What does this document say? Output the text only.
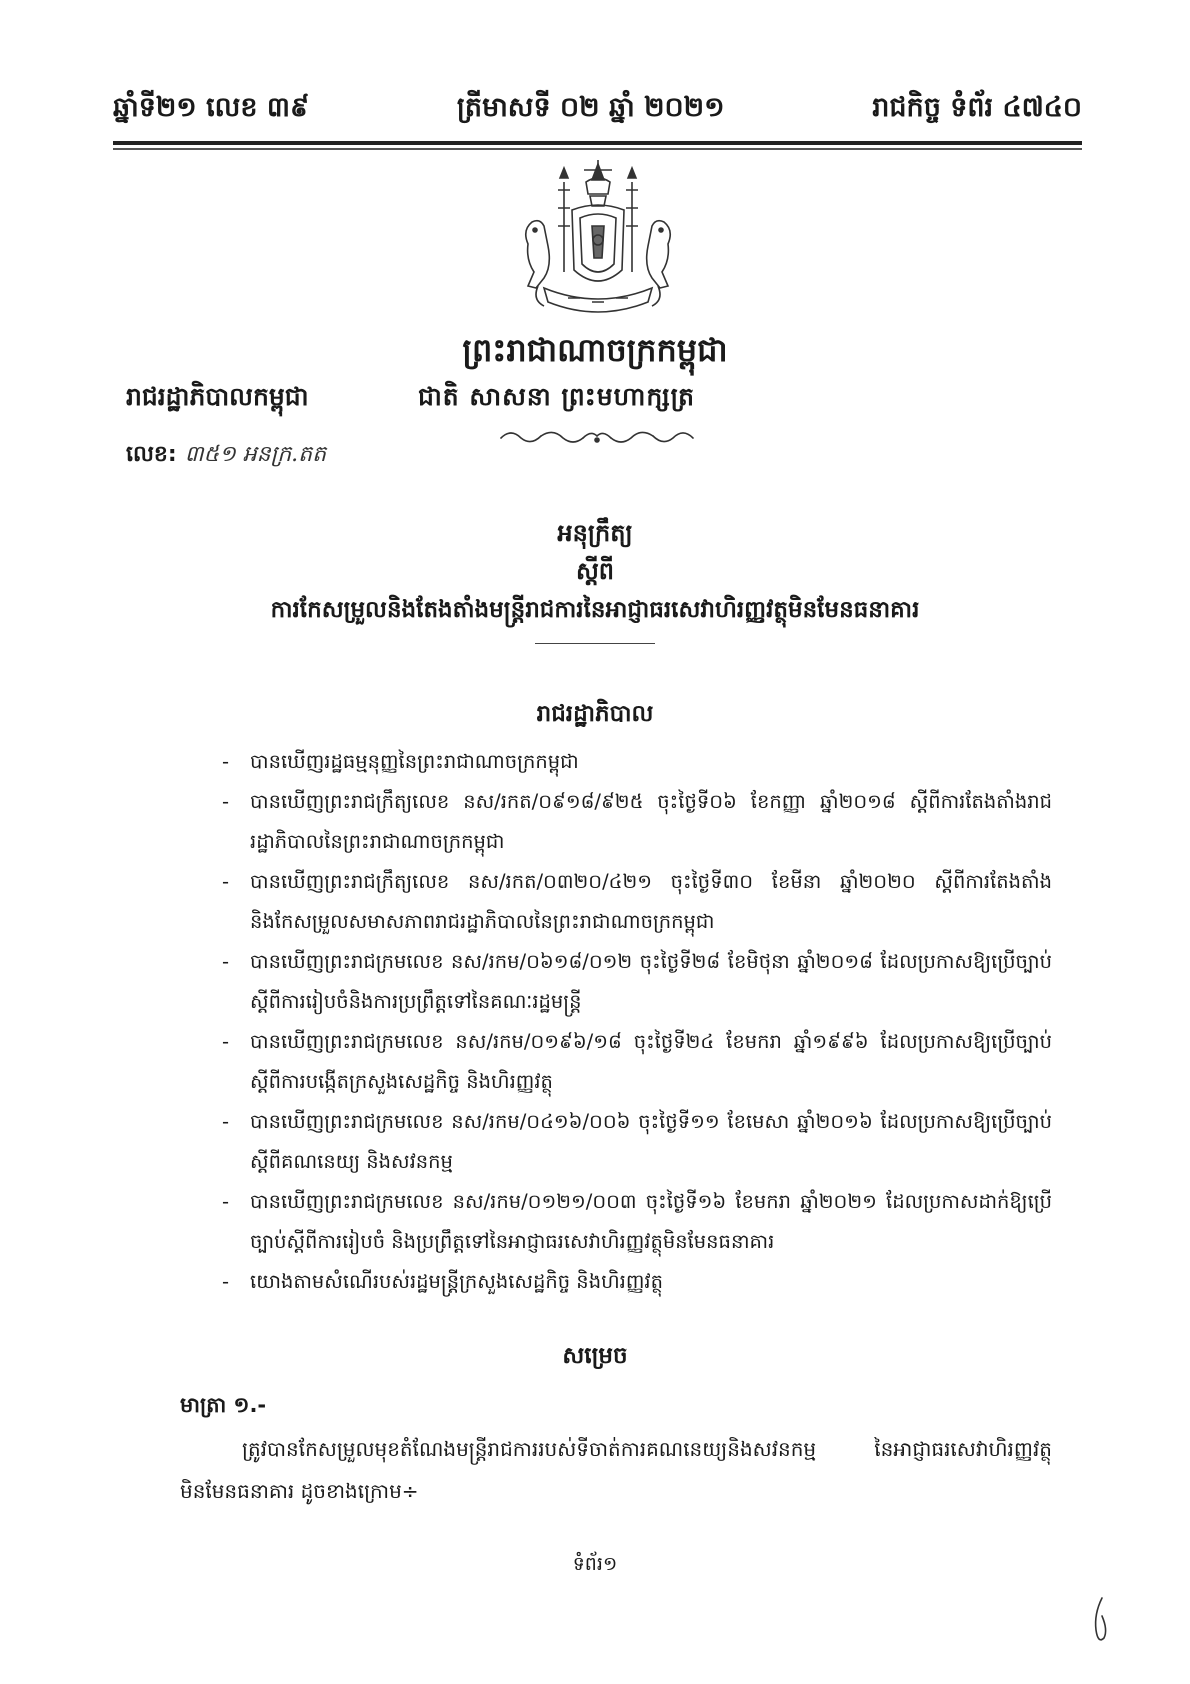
ឆ្នាំទី២១ លេខ ៣៩	ត្រីមាសទី ០២ ឆ្នាំ ២០២១	រាជកិច្ច ទំព័រ ៤៧៤០
ព្រះរាជាណាចក្រកម្ពុជា
រាជរដ្ឋាភិបាលកម្ពុជា	ជាតិ សាសនា ព្រះមហាក្សត្រ
លេខ: ៣៥១ អនក្រ.តត
អនុក្រឹត្យ
ស្តីពី
ការកែសម្រួលនិងតែងតាំងមន្ត្រីរាជការនៃអាជ្ញាធរសេវាហិរញ្ញវត្ថុមិនមែនធនាគារ
រាជរដ្ឋាភិបាល
- បានឃើញរដ្ឋធម្មនុញ្ញនៃព្រះរាជាណាចក្រកម្ពុជា
- បានឃើញព្រះរាជក្រឹត្យលេខ នស/រកត/០៩១៨/៩២៥ ចុះថ្ងៃទី០៦ ខែកញ្ញា ឆ្នាំ២០១៨ ស្តីពីការតែងតាំងរាជរដ្ឋាភិបាលនៃព្រះរាជាណាចក្រកម្ពុជា
- បានឃើញព្រះរាជក្រឹត្យលេខ នស/រកត/០៣២០/៤២១ ចុះថ្ងៃទី៣០ ខែមីនា ឆ្នាំ២០២០ ស្តីពីការតែងតាំង និងកែសម្រួលសមាសភាពរាជរដ្ឋាភិបាលនៃព្រះរាជាណាចក្រកម្ពុជា
- បានឃើញព្រះរាជក្រមលេខ នស/រកម/០៦១៨/០១២ ចុះថ្ងៃទី២៨ ខែមិថុនា ឆ្នាំ២០១៨ ដែលប្រកាសឱ្យប្រើច្បាប់ស្តីពីការរៀបចំនិងការប្រព្រឹត្តទៅនៃគណៈរដ្ឋមន្ត្រី
- បានឃើញព្រះរាជក្រមលេខ នស/រកម/០១៩៦/១៨ ចុះថ្ងៃទី២៤ ខែមករា ឆ្នាំ១៩៩៦ ដែលប្រកាសឱ្យប្រើច្បាប់ស្តីពីការបង្កើតក្រសួងសេដ្ឋកិច្ច និងហិរញ្ញវត្ថុ
- បានឃើញព្រះរាជក្រមលេខ នស/រកម/០៤១៦/០០៦ ចុះថ្ងៃទី១១ ខែមេសា ឆ្នាំ២០១៦ ដែលប្រកាសឱ្យប្រើច្បាប់ស្តីពីគណនេយ្យ និងសវនកម្ម
- បានឃើញព្រះរាជក្រមលេខ នស/រកម/០១២១/០០៣ ចុះថ្ងៃទី១៦ ខែមករា ឆ្នាំ២០២១ ដែលប្រកាសដាក់ឱ្យប្រើច្បាប់ស្តីពីការរៀបចំ និងប្រព្រឹត្តទៅនៃអាជ្ញាធរសេវាហិរញ្ញវត្ថុមិនមែនធនាគារ
- យោងតាមសំណើរបស់រដ្ឋមន្ត្រីក្រសួងសេដ្ឋកិច្ច និងហិរញ្ញវត្ថុ
សម្រេច
មាត្រា ១.-
ត្រូវបានកែសម្រួលមុខតំណែងមន្ត្រីរាជការរបស់ទីចាត់ការគណនេយ្យនិងសវនកម្ម នៃអាជ្ញាធរសេវាហិរញ្ញវត្ថុមិនមែនធនាគារ ដូចខាងក្រោម÷
ទំព័រ១
